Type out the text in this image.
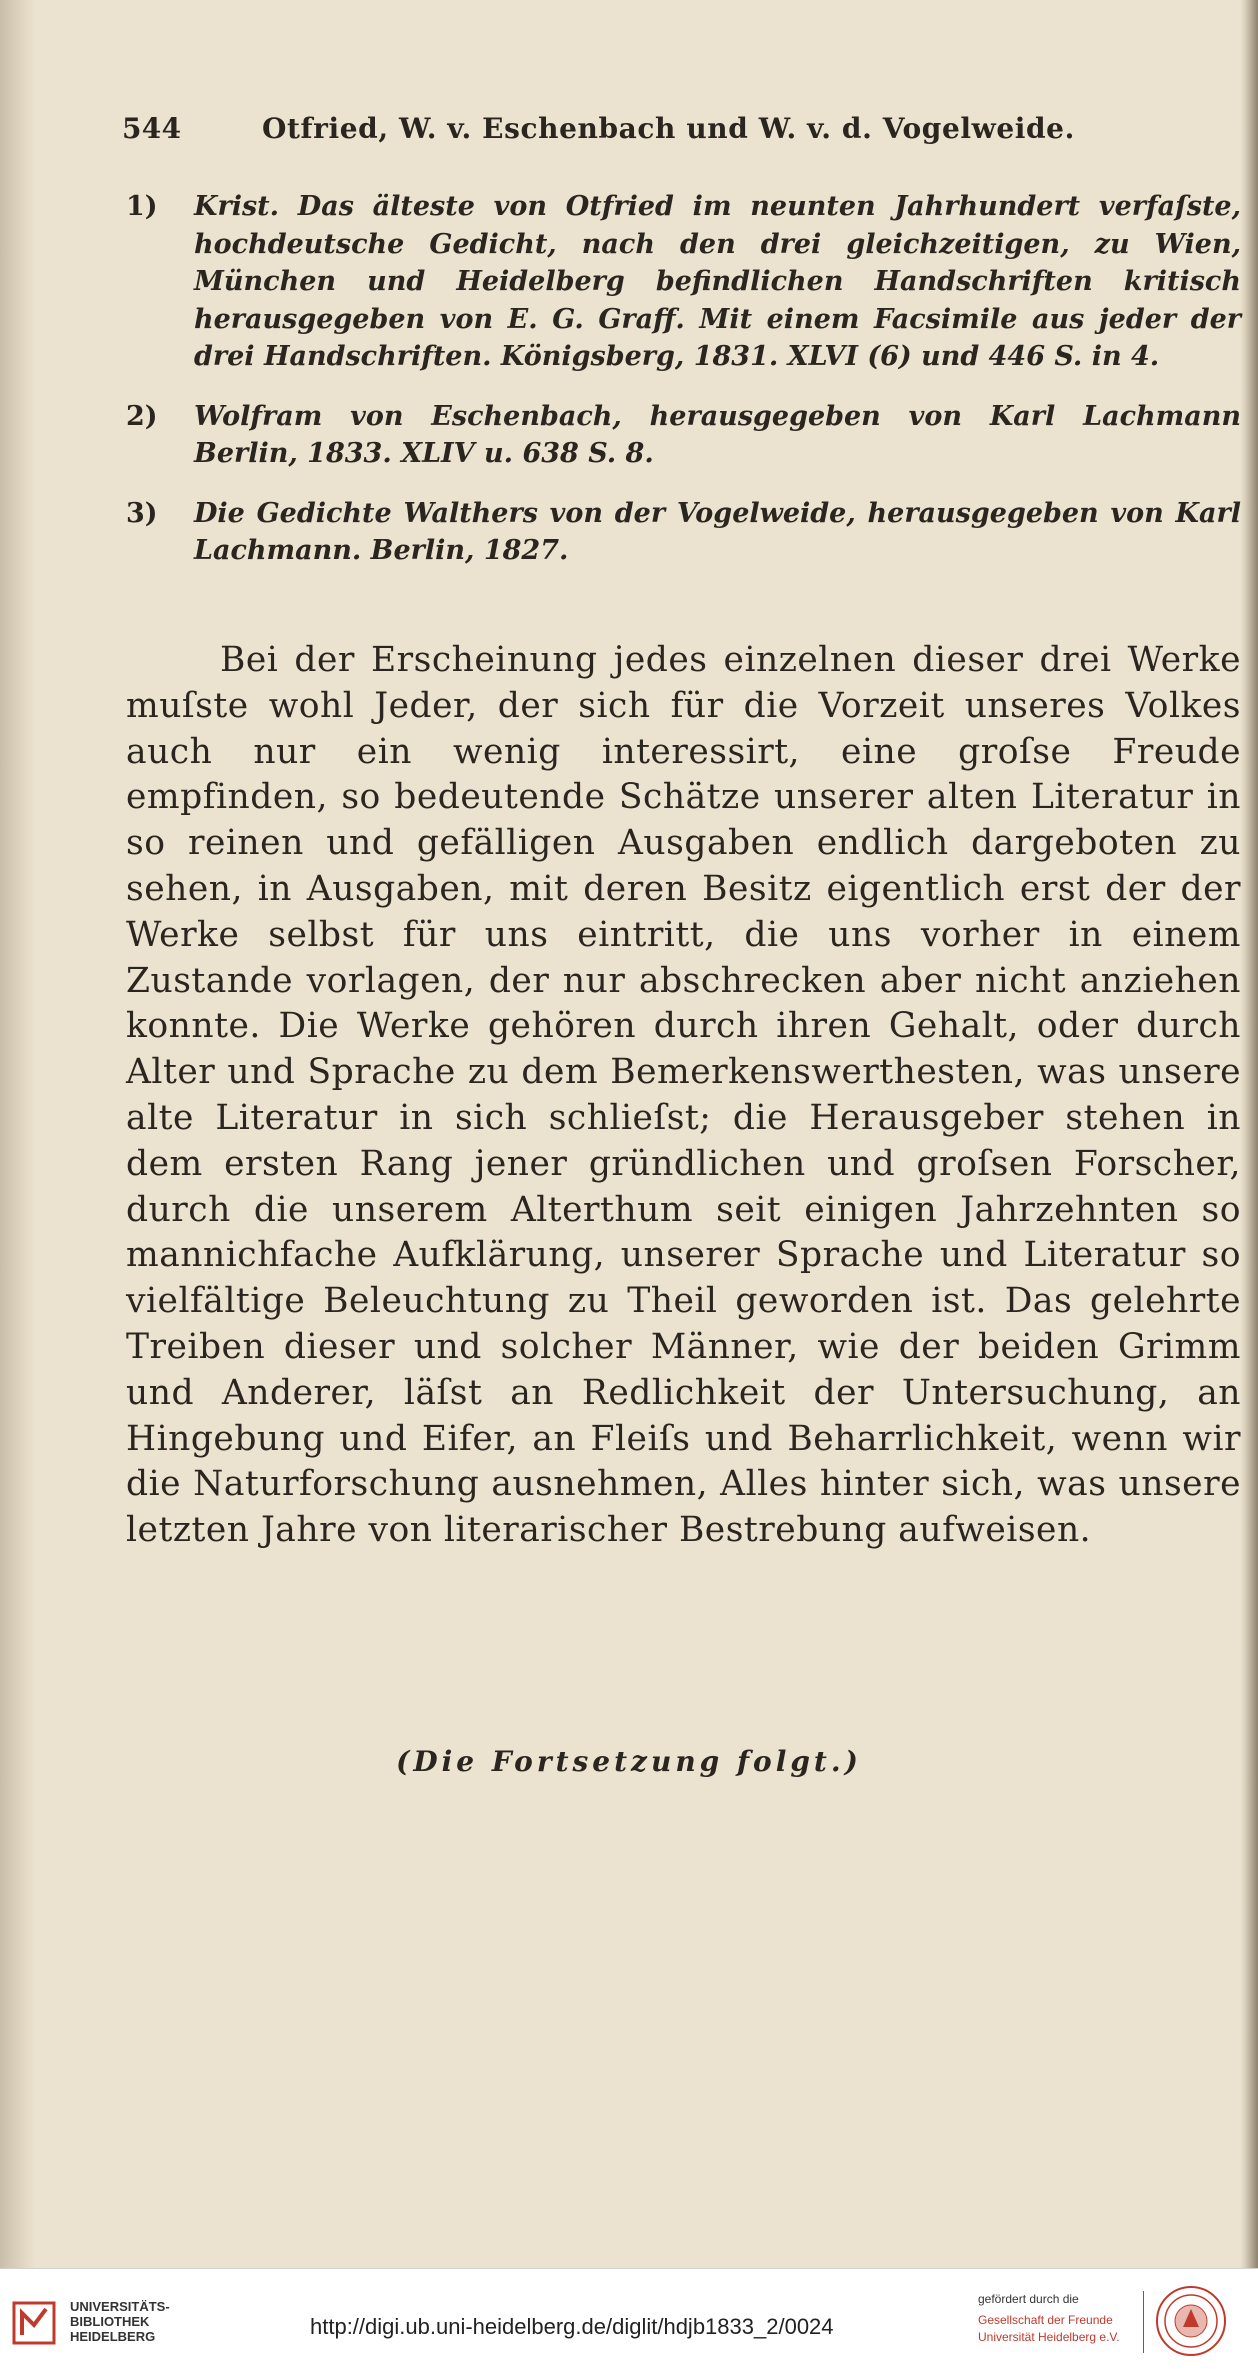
544	Otfried, W. v. Eschenbach und W. v. d. Vogelweide.
1) Krist. Das älteste von Otfried im neunten Jahrhundert verfaſste, hochdeutsche Gedicht, nach den drei gleichzeitigen, zu Wien, München und Heidelberg befindlichen Handschriften kritisch herausgegeben von E. G. Graff. Mit einem Facsimile aus jeder der drei Handschriften. Königsberg, 1831. XLVI (6) und 446 S. in 4.
2) Wolfram von Eschenbach, herausgegeben von Karl Lachmann Berlin, 1833. XLIV u. 638 S. 8.
3) Die Gedichte Walthers von der Vogelweide, herausgegeben von Karl Lachmann. Berlin, 1827.

Bei der Erscheinung jedes einzelnen dieser drei Werke muſste wohl Jeder, der sich für die Vorzeit unseres Volkes auch nur ein wenig interessirt, eine groſse Freude empfinden, so bedeutende Schätze unserer alten Literatur in so reinen und gefälligen Ausgaben endlich dargeboten zu sehen, in Ausgaben, mit deren Besitz eigentlich erst der der Werke selbst für uns eintritt, die uns vorher in einem Zustande vorlagen, der nur abschrecken aber nicht anziehen konnte. Die Werke gehören durch ihren Gehalt, oder durch Alter und Sprache zu dem Bemerkenswerthesten, was unsere alte Literatur in sich schlieſst; die Herausgeber stehen in dem ersten Rang jener gründlichen und groſsen Forscher, durch die unserem Alterthum seit einigen Jahrzehnten so mannichfache Aufklärung, unserer Sprache und Literatur so vielfältige Beleuchtung zu Theil geworden ist. Das gelehrte Treiben dieser und solcher Männer, wie der beiden Grimm und Anderer, läſst an Redlichkeit der Untersuchung, an Hingebung und Eifer, an Fleiſs und Beharrlichkeit, wenn wir die Naturforschung ausnehmen, Alles hinter sich, was unsere letzten Jahre von literarischer Bestrebung aufweisen.

(Die Fortsetzung folgt.)
UNIVERSITÄTS-
BIBLIOTHEK
HEIDELBERG	http://digi.ub.uni-heidelberg.de/diglit/hdjb1833_2/0024
gefördert durch die
Gesellschaft der Freunde
Universität Heidelberg e.V.
